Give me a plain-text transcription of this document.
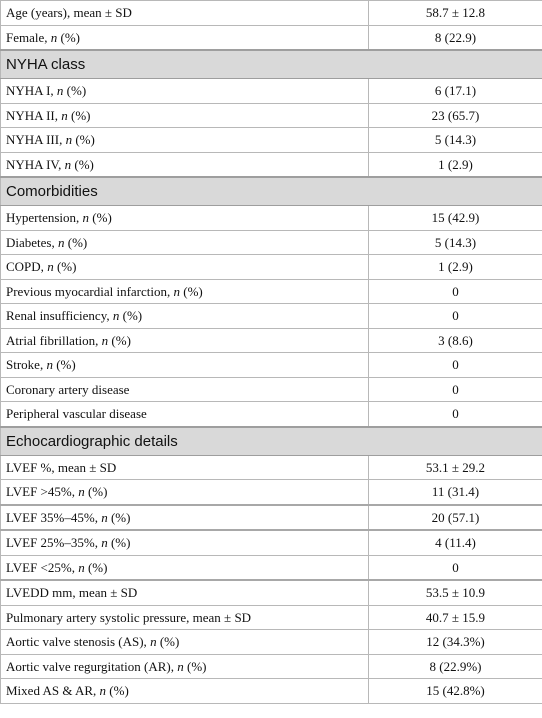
Age (years), mean ± SD	58.7 ± 12.8
Female, n (%)	8 (22.9)
NYHA class	
NYHA I, n (%)	6 (17.1)
NYHA II, n (%)	23 (65.7)
NYHA III, n (%)	5 (14.3)
NYHA IV, n (%)	1 (2.9)
Comorbidities	
Hypertension, n (%)	15 (42.9)
Diabetes, n (%)	5 (14.3)
COPD, n (%)	1 (2.9)
Previous myocardial infarction, n (%)	0
Renal insufficiency, n (%)	0
Atrial fibrillation, n (%)	3 (8.6)
Stroke, n (%)	0
Coronary artery disease	0
Peripheral vascular disease	0
Echocardiographic details	
LVEF %, mean ± SD	53.1 ± 29.2
LVEF >45%, n (%)	11 (31.4)
LVEF 35%–45%, n (%)	20 (57.1)
LVEF 25%–35%, n (%)	4 (11.4)
LVEF <25%, n (%)	0
LVEDD mm, mean ± SD	53.5 ± 10.9
Pulmonary artery systolic pressure, mean ± SD	40.7 ± 15.9
Aortic valve stenosis (AS), n (%)	12 (34.3%)
Aortic valve regurgitation (AR), n (%)	8 (22.9%)
Mixed AS & AR, n (%)	15 (42.8%)
